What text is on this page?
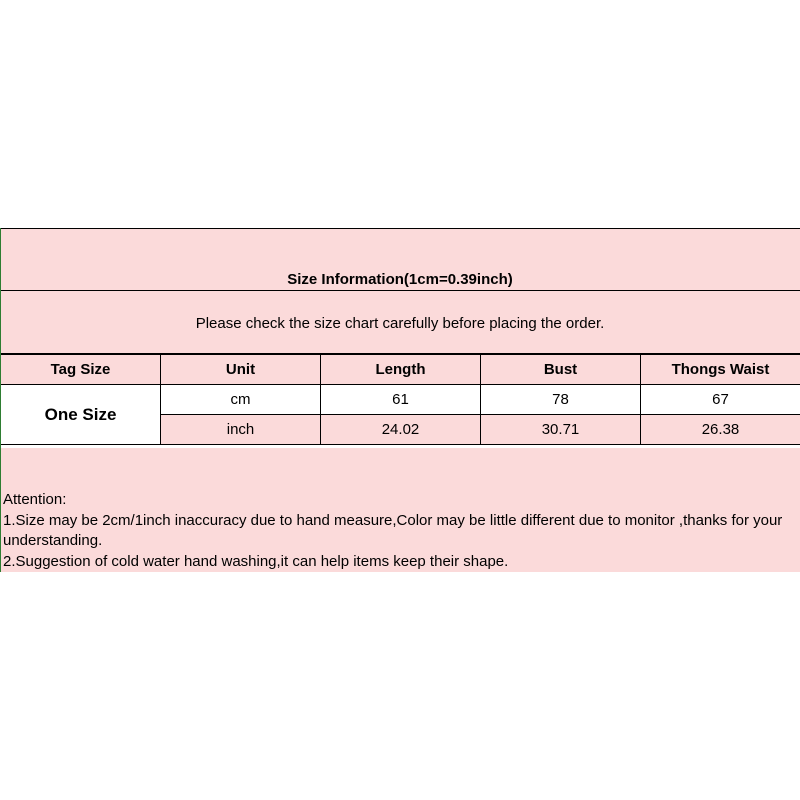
Size Information(1cm=0.39inch)
Please check the size chart carefully before placing the order.
Tag Size	Unit	Length	Bust	Thongs Waist
One Size	cm	61	78	67
	inch	24.02	30.71	26.38

Attention:

1.Size may be 2cm/1inch inaccuracy due to hand measure,Color may be little different due to monitor ,thanks for your understanding.

2.Suggestion of cold water hand washing,it can help items keep their shape.
